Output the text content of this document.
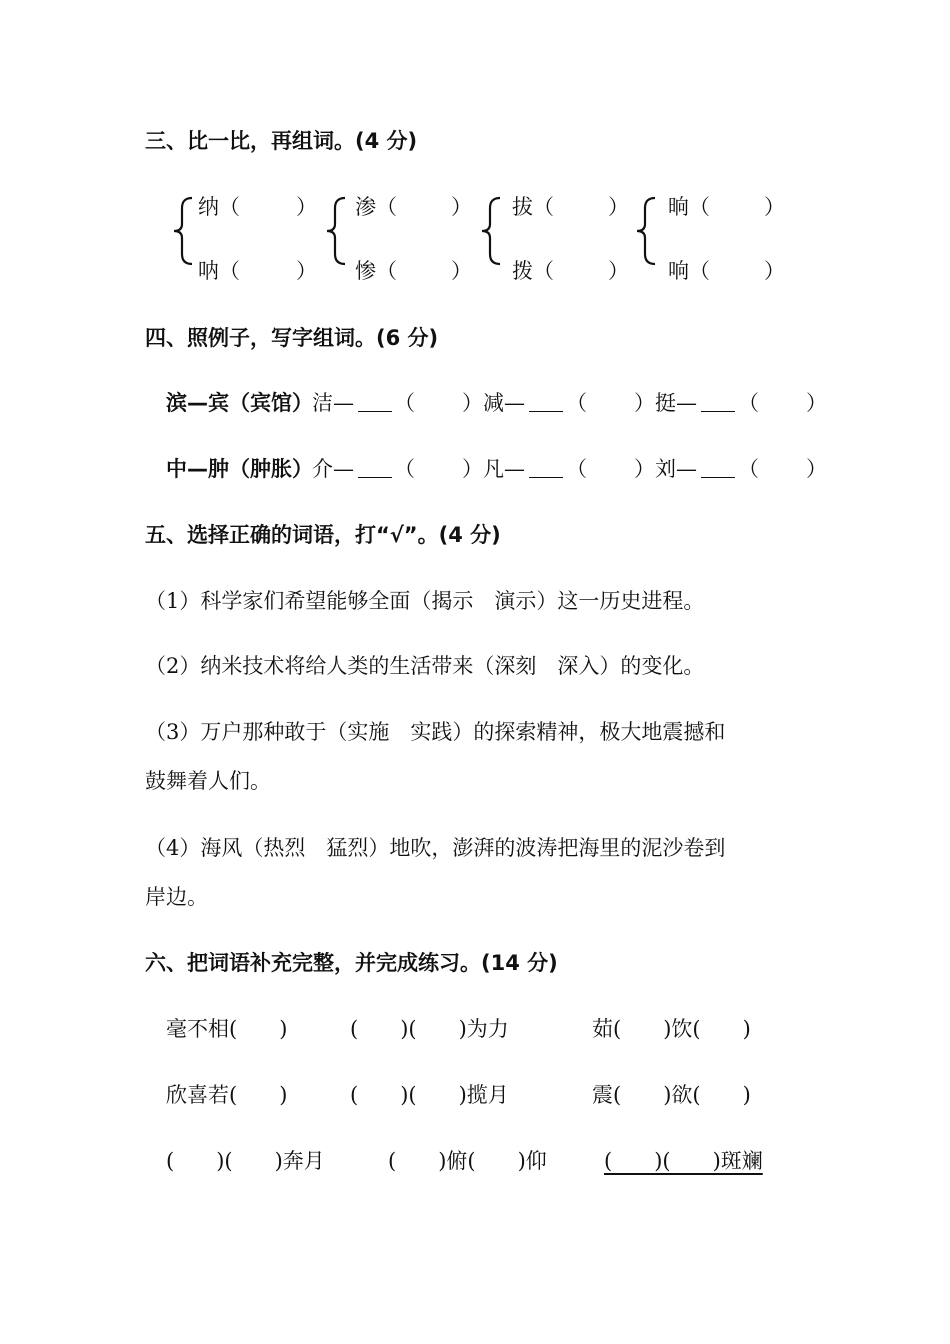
三、比一比，再组词。(4 分)
纳（	）
呐（	）
渗（	）
惨（	）
拔（	）
拨（	）
晌（	）
响（	）
四、照例子，写字组词。(6 分)
滨—宾（宾馆） 洁— （ ） 减— （ ） 挺— （ ）
中—肿（肿胀） 介— （ ） 凡— （ ） 刘— （ ）
五、选择正确的词语，打“√”。(4 分)
（1）科学家们希望能够全面（揭示　演示）这一历史进程。
（2）纳米技术将给人类的生活带来（深刻　深入）的变化。
（3）万户那种敢于（实施　实践）的探索精神，极大地震撼和
鼓舞着人们。
（4）海风（热烈　猛烈）地吹，澎湃的波涛把海里的泥沙卷到
岸边。
六、把词语补充完整，并完成练习。(14 分)
毫不相(　　)	(　　)(　　)为力	茹(　　)饮(　　)
欣喜若(　　)	(　　)(　　)揽月	震(　　)欲(　　)
(　　)(　　)奔月	(　　)俯(　　)仰	(　　)(　　)斑斓
